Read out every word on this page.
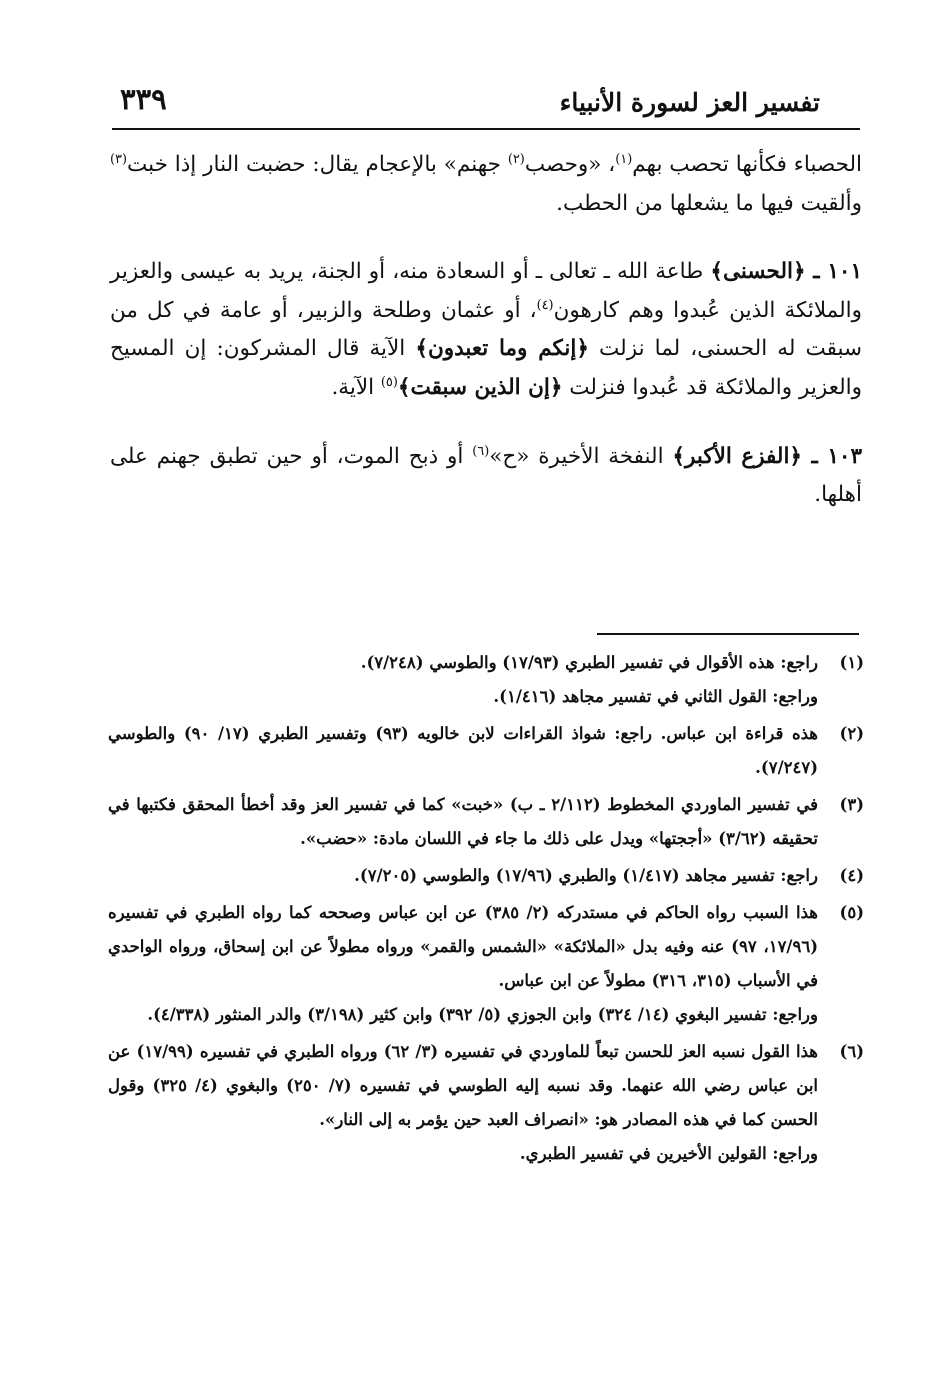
تفسير العز لسورة الأنبياء
٣٣٩

الحصباء فكأنها تحصب بهم$^{(١)}$، «وحصب$^{(٢)}$ جهنم» بالإعجام يقال: حضبت النار إذا خبت$^{(٣)}$ وألقيت فيها ما يشعلها من الحطب.

١٠١ ـ ﴿الحسنى﴾ طاعة الله ـ تعالى ـ أو السعادة منه، أو الجنة، يريد به عيسى والعزير والملائكة الذين عُبدوا وهم كارهون$^{(٤)}$، أو عثمان وطلحة والزبير، أو عامة في كل من سبقت له الحسنى، لما نزلت ﴿إنكم وما تعبدون﴾ الآية قال المشركون: إن المسيح والعزير والملائكة قد عُبدوا فنزلت ﴿إن الذين سبقت﴾$^{(٥)}$ الآية.

١٠٣ ـ ﴿الفزع الأكبر﴾ النفخة الأخيرة «ح»$^{(٦)}$ أو ذبح الموت، أو حين تطبق جهنم على أهلها.

(١)

راجع: هذه الأقوال في تفسير الطبري (١٧/٩٣) والطوسي (٧/٢٤٨).

وراجع: القول الثاني في تفسير مجاهد (١/٤١٦).

(٢)

هذه قراءة ابن عباس. راجع: شواذ القراءات لابن خالويه (٩٣) وتفسير الطبري (١٧/ ٩٠) والطوسي (٧/٢٤٧).

(٣)

في تفسير الماوردي المخطوط (٢/١١٢ ـ ب) «خبت» كما في تفسير العز وقد أخطأ المحقق فكتبها في تحقيقه (٣/٦٢) «أججتها» ويدل على ذلك ما جاء في اللسان مادة: «حضب».

(٤)

راجع: تفسير مجاهد (١/٤١٧) والطبري (١٧/٩٦) والطوسي (٧/٢٠٥).

(٥)

هذا السبب رواه الحاكم في مستدركه (٢/ ٣٨٥) عن ابن عباس وصححه كما رواه الطبري في تفسيره (١٧/٩٦، ٩٧) عنه وفيه بدل «الملائكة» «الشمس والقمر» ورواه مطولاً عن ابن إسحاق، ورواه الواحدي في الأسباب (٣١٥، ٣١٦) مطولاً عن ابن عباس.

وراجع: تفسير البغوي (١٤/ ٣٢٤) وابن الجوزي (٥/ ٣٩٢) وابن كثير (٣/١٩٨) والدر المنثور (٤/٣٣٨).

(٦)

هذا القول نسبه العز للحسن تبعاً للماوردي في تفسيره (٣/ ٦٢) ورواه الطبري في تفسيره (١٧/٩٩) عن ابن عباس رضي الله عنهما. وقد نسبه إليه الطوسي في تفسيره (٧/ ٢٥٠) والبغوي (٤/ ٣٢٥) وقول الحسن كما في هذه المصادر هو: «انصراف العبد حين يؤمر به إلى النار».

وراجع: القولين الأخيرين في تفسير الطبري.
